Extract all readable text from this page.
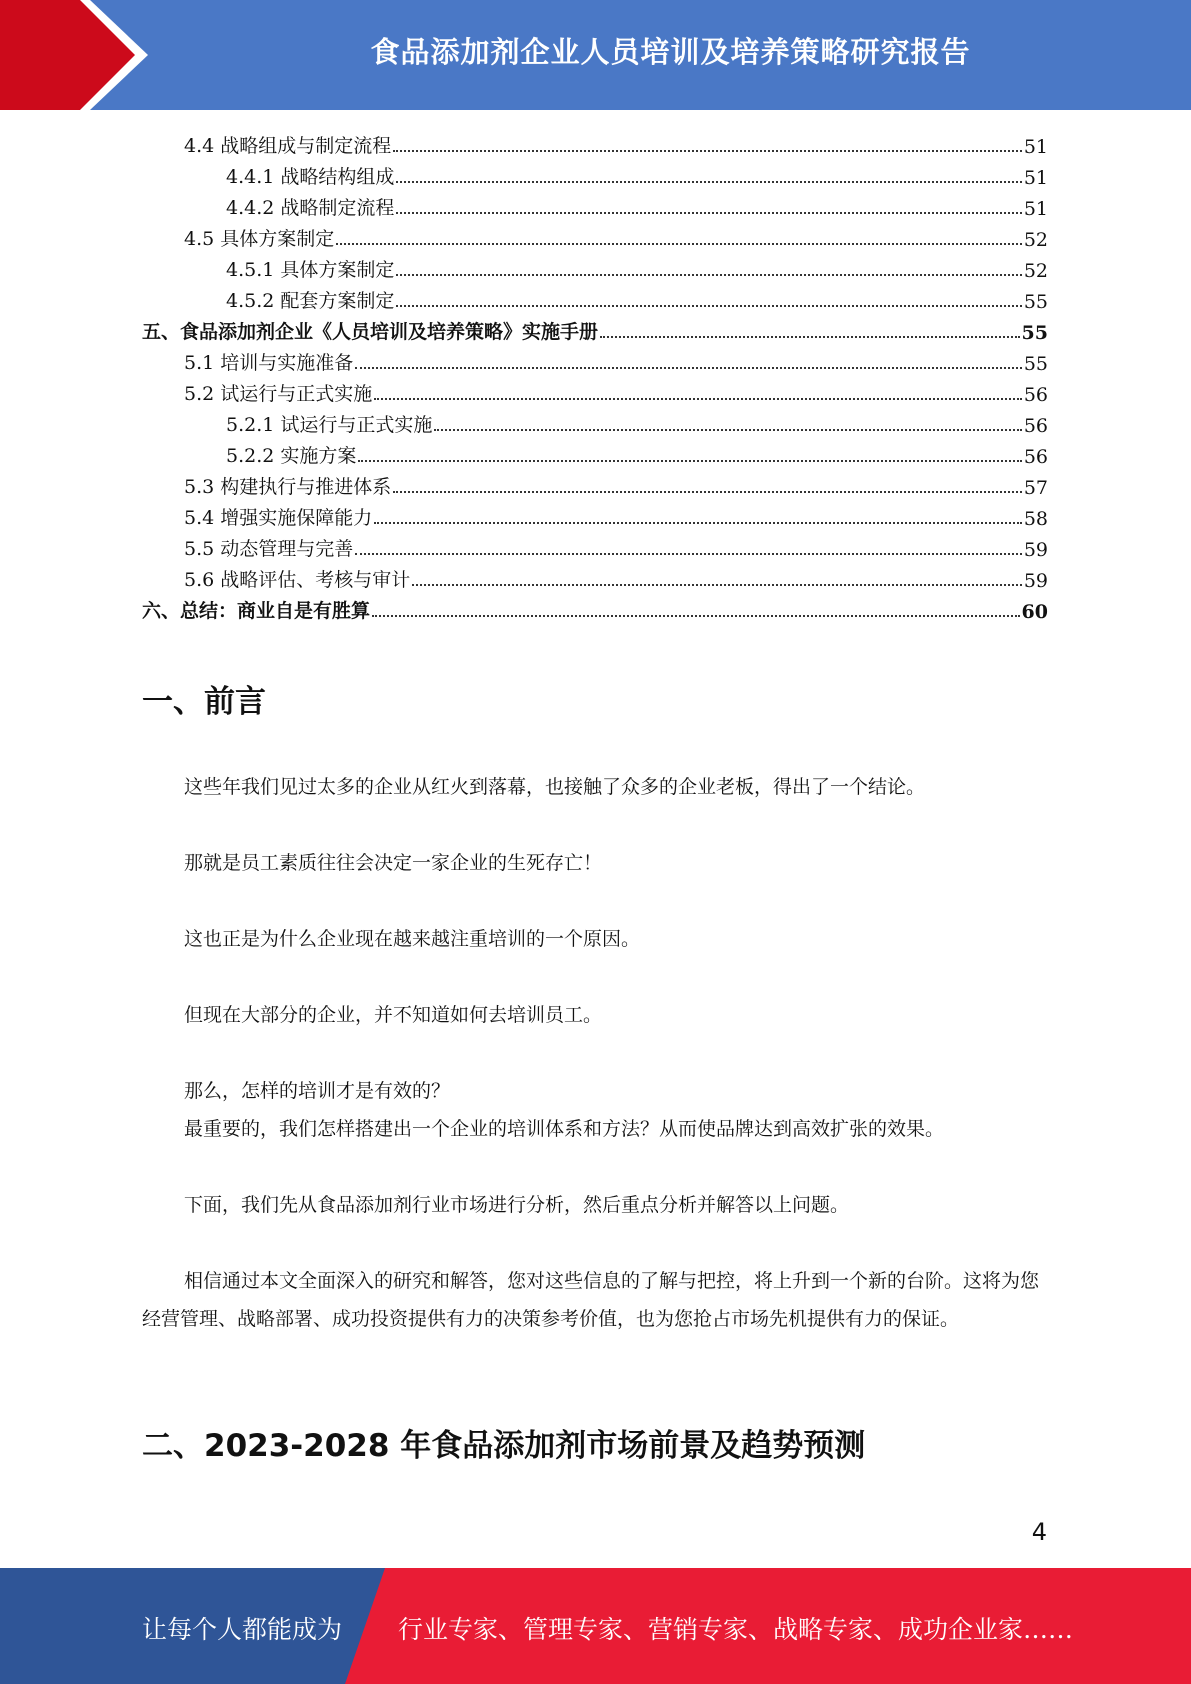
食品添加剂企业人员培训及培养策略研究报告
4.4 战略组成与制定流程	51
4.4.1 战略结构组成	51
4.4.2 战略制定流程	51
4.5 具体方案制定	52
4.5.1 具体方案制定	52
4.5.2 配套方案制定	55
五、食品添加剂企业《人员培训及培养策略》实施手册	55
5.1 培训与实施准备	55
5.2 试运行与正式实施	56
5.2.1 试运行与正式实施	56
5.2.2 实施方案	56
5.3 构建执行与推进体系	57
5.4 增强实施保障能力	58
5.5 动态管理与完善	59
5.6 战略评估、考核与审计	59
六、总结：商业自是有胜算	60
一、前言

这些年我们见过太多的企业从红火到落幕，也接触了众多的企业老板，得出了一个结论。

那就是员工素质往往会决定一家企业的生死存亡！

这也正是为什么企业现在越来越注重培训的一个原因。

但现在大部分的企业，并不知道如何去培训员工。

那么，怎样的培训才是有效的？

最重要的，我们怎样搭建出一个企业的培训体系和方法？从而使品牌达到高效扩张的效果。

下面，我们先从食品添加剂行业市场进行分析，然后重点分析并解答以上问题。

相信通过本文全面深入的研究和解答，您对这些信息的了解与把控，将上升到一个新的台阶。这将为您经营管理、战略部署、成功投资提供有力的决策参考价值，也为您抢占市场先机提供有力的保证。

二、2023-2028 年食品添加剂市场前景及趋势预测
4
让每个人都能成为 行业专家、管理专家、营销专家、战略专家、成功企业家……
